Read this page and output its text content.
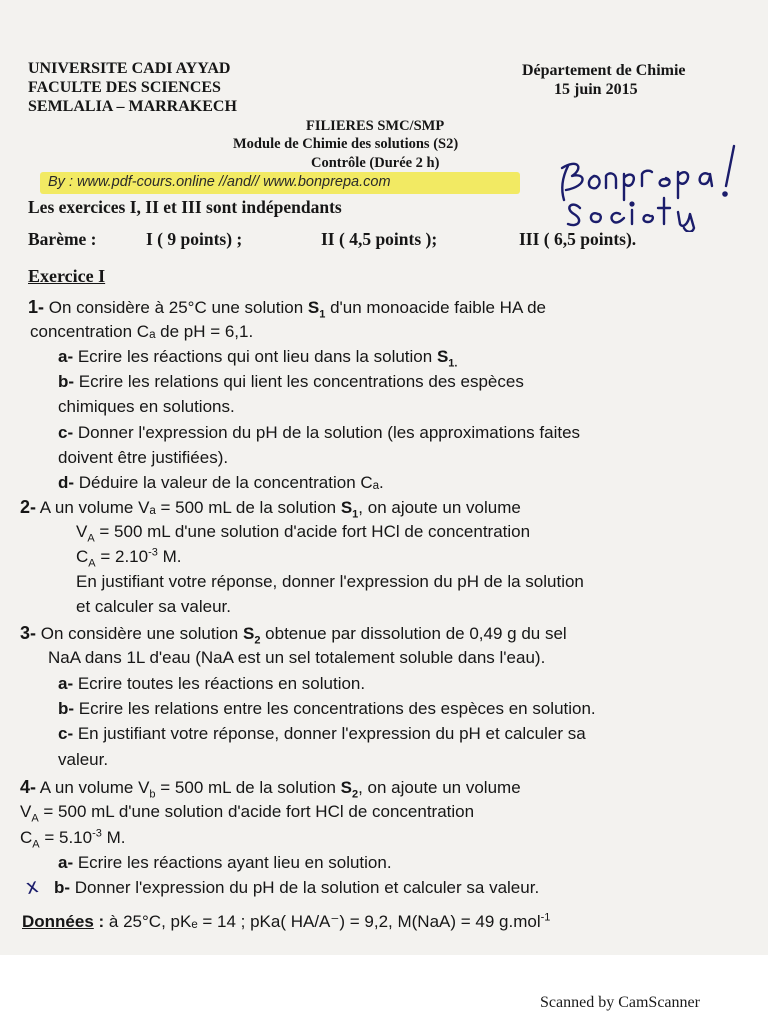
UNIVERSITE CADI AYYAD
FACULTE DES SCIENCES
SEMLALIA – MARRAKECH
Département de Chimie
15 juin 2015
FILIERES SMC/SMP
Module de Chimie des solutions (S2)
Contrôle (Durée 2 h)
By : www.pdf-cours.online //and// www.bonprepa.com
Les exercices I, II et III sont indépendants
Barème :	I ( 9 points) ;	II ( 4,5 points );	III ( 6,5 points).
Exercice I
1- On considère à 25°C une solution $S_1$ d'un monoacide faible HA de
concentration Cₐ de pH = 6,1.
a- Ecrire les réactions qui ont lieu dans la solution $S_{1.}$
b- Ecrire les relations qui lient les concentrations des espèces
chimiques en solutions.
c- Donner l'expression du pH de la solution (les approximations faites
doivent être justifiées).
d- Déduire la valeur de la concentration Cₐ.
2- A un volume Vₐ = 500 mL de la solution $S_1$, on ajoute un volume
$V_A = 500$ mL d'une solution d'acide fort HCl de concentration
$C_A = 2.10^{-3}$ M.
En justifiant votre réponse, donner l'expression du pH de la solution
et calculer sa valeur.
3- On considère une solution $S_2$ obtenue par dissolution de 0,49 g du sel
NaA dans 1L d'eau (NaA est un sel totalement soluble dans l'eau).
a- Ecrire toutes les réactions en solution.
b- Ecrire les relations entre les concentrations des espèces en solution.
c- En justifiant votre réponse, donner l'expression du pH et calculer sa
valeur.
4- A un volume $V_b = 500$ mL de la solution $S_2$, on ajoute un volume
$V_A = 500$ mL d'une solution d'acide fort HCl de concentration
$C_A = 5.10^{-3}$ M.
a- Ecrire les réactions ayant lieu en solution.
x b- Donner l'expression du pH de la solution et calculer sa valeur.
Données : à 25°C, pKₑ = 14 ; pKa( HA/A⁻) = 9,2, M(NaA) = 49 g.mol$^{-1}$
Scanned by CamScanner
